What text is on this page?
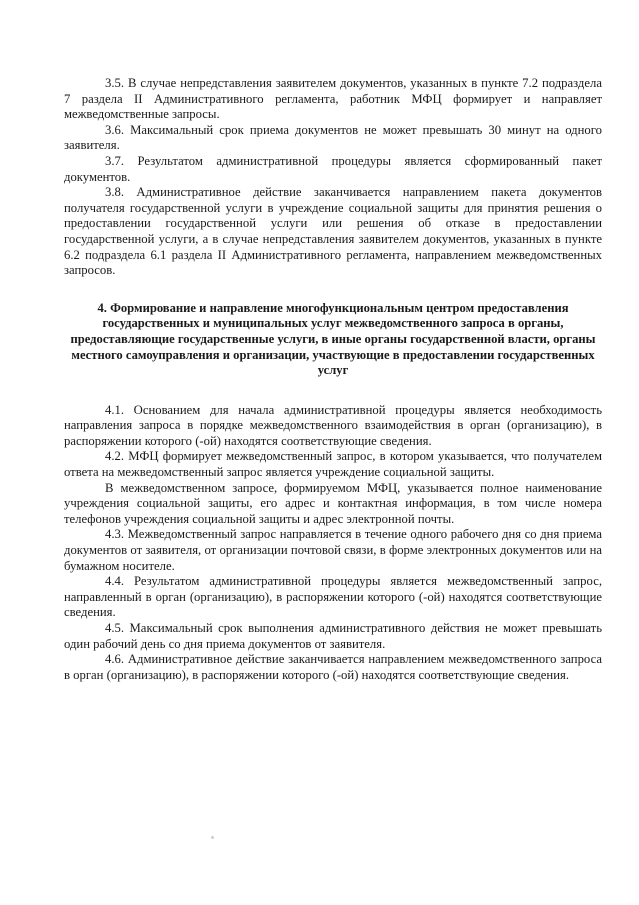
3.5. В случае непредставления заявителем документов, указанных в пункте 7.2 подраздела 7 раздела II Административного регламента, работник МФЦ формирует и направляет межведомственные запросы.

3.6. Максимальный срок приема документов не может превышать 30 минут на одного заявителя.

3.7. Результатом административной процедуры является сформированный пакет документов.

3.8. Административное действие заканчивается направлением пакета документов получателя государственной услуги в учреждение социальной защиты для принятия решения о предоставлении государственной услуги или решения об отказе в предоставлении государственной услуги, а в случае непредставления заявителем документов, указанных в пункте 6.2 подраздела 6.1 раздела II Административного регламента, направлением межведомственных запросов.

4. Формирование и направление многофункциональным центром предоставления государственных и муниципальных услуг межведомственного запроса в органы, предоставляющие государственные услуги, в иные органы государственной власти, органы местного самоуправления и организации, участвующие в предоставлении государственных услуг

4.1. Основанием для начала административной процедуры является необходимость направления запроса в порядке межведомственного взаимодействия в орган (организацию), в распоряжении которого (-ой) находятся соответствующие сведения.

4.2. МФЦ формирует межведомственный запрос, в котором указывается, что получателем ответа на межведомственный запрос является учреждение социальной защиты.

В межведомственном запросе, формируемом МФЦ, указывается полное наименование учреждения социальной защиты, его адрес и контактная информация, в том числе номера телефонов учреждения социальной защиты и адрес электронной почты.

4.3. Межведомственный запрос направляется в течение одного рабочего дня со дня приема документов от заявителя, от организации почтовой связи, в форме электронных документов или на бумажном носителе.

4.4. Результатом административной процедуры является межведомственный запрос, направленный в орган (организацию), в распоряжении которого (-ой) находятся соответствующие сведения.

4.5. Максимальный срок выполнения административного действия не может превышать один рабочий день со дня приема документов от заявителя.

4.6. Административное действие заканчивается направлением межведомственного запроса в орган (организацию), в распоряжении которого (-ой) находятся соответствующие сведения.
